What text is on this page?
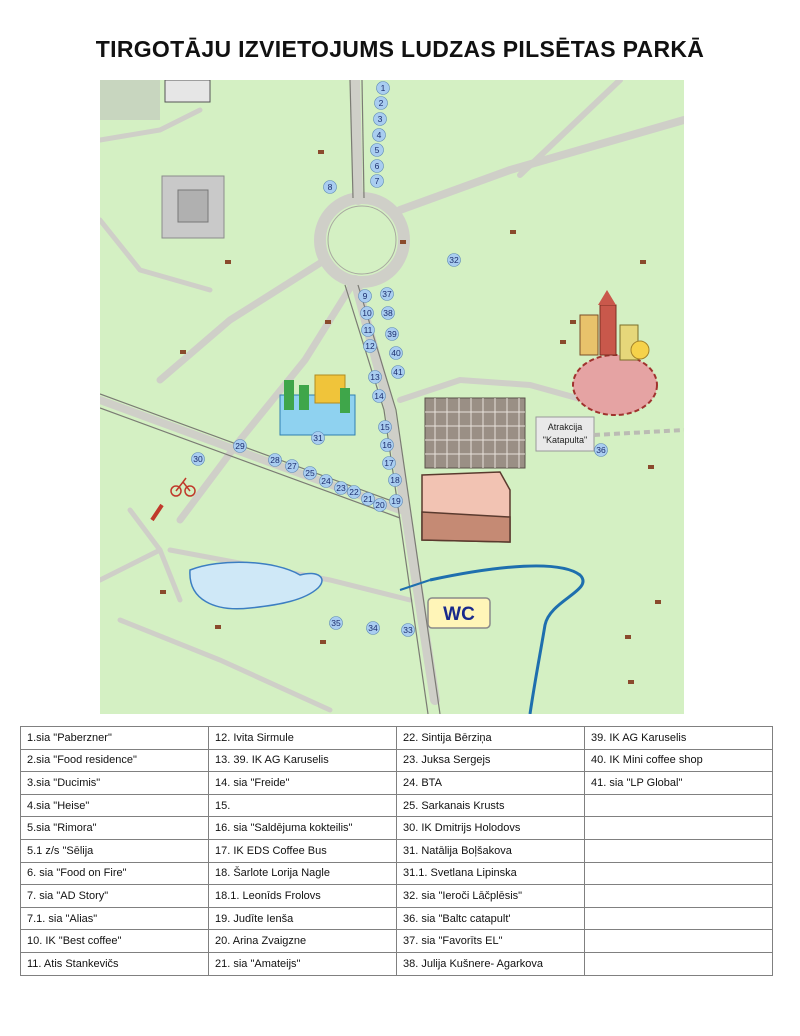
TIRGOTĀJU IZVIETOJUMS LUDZAS PILSĒTAS PARKĀ
Atrakcija
"Katapulta"
WC
1
2
3
4
5
6
7
8
9
10
11
12
13
14
15
16
17
18
19
20
21
22
23
24
25
27
28
29
30
31
32
33
34
35
36
37
38
39
40
41
1.sia "Paberzner"	12. Ivita Sirmule	22. Sintija Bērziņa	39. IK AG Karuselis
2.sia "Food residence"	13. 39. IK AG Karuselis	23. Juksa Sergejs	40. IK Mini coffee shop
3.sia "Ducimis"	14. sia "Freide"	24. BTA	41. sia "LP Global"
4.sia "Heise"	15.	25. Sarkanais Krusts	
5.sia "Rimora"	16. sia "Saldējuma kokteilis"	30. IK Dmitrijs Holodovs	
5.1 z/s "Sēlija	17. IK EDS Coffee Bus	31. Natālija Boļšakova	
6. sia "Food on Fire"	18. Šarlote Lorija Nagle	31.1. Svetlana Lipinska	
7. sia "AD Story"	18.1. Leonīds Frolovs	32. sia "Ieroči Lāčplēsis"	
7.1. sia "Alias"	19. Judīte Ienša	36. sia "Baltc catapult'	
10. IK "Best coffee"	20. Arina Zvaigzne	37. sia "Favorīts EL"	
11. Atis Stankevičs	21. sia "Amateijs"	38. Julija Kušnere- Agarkova	
